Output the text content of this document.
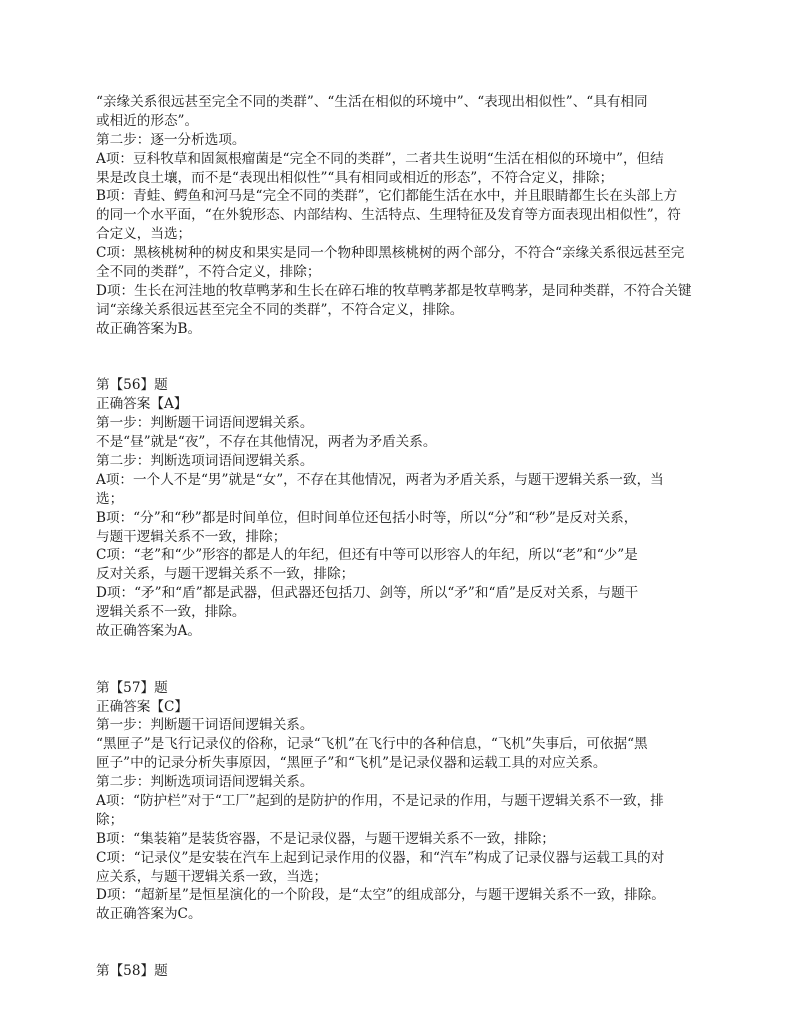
“亲缘关系很远甚至完全不同的类群”、“生活在相似的环境中”、“表现出相似性”、“具有相同
或相近的形态”。
第二步：逐一分析选项。
A项：豆科牧草和固氮根瘤菌是“完全不同的类群”，二者共生说明“生活在相似的环境中”，但结
果是改良土壤，而不是“表现出相似性”“具有相同或相近的形态”，不符合定义，排除；
B项：青蛙、鳄鱼和河马是“完全不同的类群”，它们都能生活在水中，并且眼睛都生长在头部上方
的同一个水平面，“在外貌形态、内部结构、生活特点、生理特征及发育等方面表现出相似性”，符
合定义，当选；
C项：黑核桃树种的树皮和果实是同一个物种即黑核桃树的两个部分，不符合“亲缘关系很远甚至完
全不同的类群”，不符合定义，排除；
D项：生长在河洼地的牧草鸭茅和生长在碎石堆的牧草鸭茅都是牧草鸭茅，是同种类群，不符合关键
词“亲缘关系很远甚至完全不同的类群”，不符合定义，排除。
故正确答案为B。
第【56】题
正确答案【A】
第一步：判断题干词语间逻辑关系。
不是“昼”就是“夜”，不存在其他情况，两者为矛盾关系。
第二步：判断选项词语间逻辑关系。
A项：一个人不是“男”就是“女”，不存在其他情况，两者为矛盾关系，与题干逻辑关系一致，当
选；
B项：“分”和“秒”都是时间单位，但时间单位还包括小时等，所以“分”和“秒”是反对关系，
与题干逻辑关系不一致，排除；
C项：“老”和“少”形容的都是人的年纪，但还有中等可以形容人的年纪，所以“老”和“少”是
反对关系，与题干逻辑关系不一致，排除；
D项：“矛”和“盾”都是武器，但武器还包括刀、剑等，所以“矛”和“盾”是反对关系，与题干
逻辑关系不一致，排除。
故正确答案为A。
第【57】题
正确答案【C】
第一步：判断题干词语间逻辑关系。
“黑匣子”是飞行记录仪的俗称，记录“飞机”在飞行中的各种信息，“飞机”失事后，可依据“黑
匣子”中的记录分析失事原因，“黑匣子”和“飞机”是记录仪器和运载工具的对应关系。
第二步：判断选项词语间逻辑关系。
A项：“防护栏”对于“工厂”起到的是防护的作用，不是记录的作用，与题干逻辑关系不一致，排
除；
B项：“集装箱”是装货容器，不是记录仪器，与题干逻辑关系不一致，排除；
C项：“记录仪”是安装在汽车上起到记录作用的仪器，和“汽车”构成了记录仪器与运载工具的对
应关系，与题干逻辑关系一致，当选；
D项：“超新星”是恒星演化的一个阶段，是“太空”的组成部分，与题干逻辑关系不一致，排除。
故正确答案为C。
第【58】题
